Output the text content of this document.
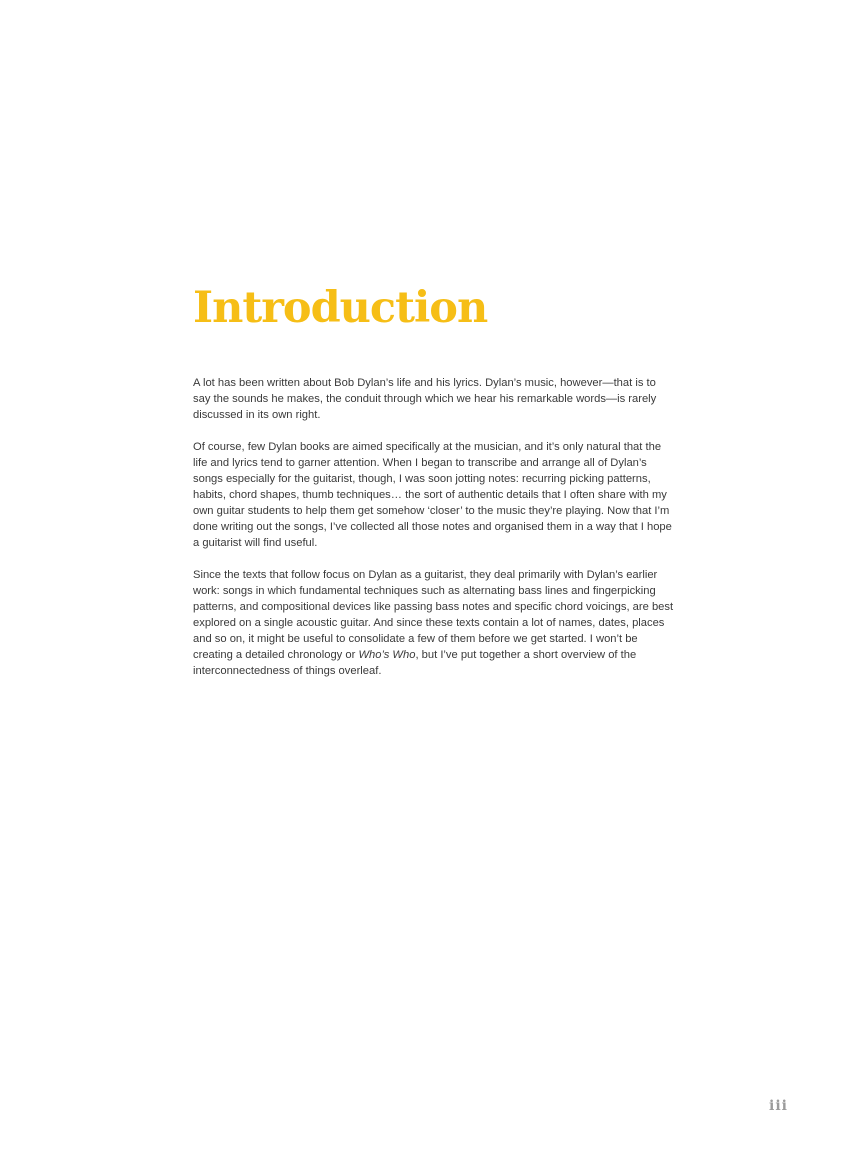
Introduction

A lot has been written about Bob Dylan’s life and his lyrics. Dylan’s music, however—that is to say the sounds he makes, the conduit through which we hear his remarkable words—is rarely discussed in its own right.

Of course, few Dylan books are aimed specifically at the musician, and it’s only natural that the life and lyrics tend to garner attention. When I began to transcribe and arrange all of Dylan’s songs especially for the guitarist, though, I was soon jotting notes: recurring picking patterns, habits, chord shapes, thumb techniques… the sort of authentic details that I often share with my own guitar students to help them get somehow ‘closer’ to the music they’re playing. Now that I’m done writing out the songs, I’ve collected all those notes and organised them in a way that I hope a guitarist will find useful.

Since the texts that follow focus on Dylan as a guitarist, they deal primarily with Dylan’s earlier work: songs in which fundamental techniques such as alternating bass lines and fingerpicking patterns, and compositional devices like passing bass notes and specific chord voicings, are best explored on a single acoustic guitar. And since these texts contain a lot of names, dates, places and so on, it might be useful to consolidate a few of them before we get started. I won’t be creating a detailed chronology or Who’s Who, but I’ve put together a short overview of the interconnectedness of things overleaf.

iii
